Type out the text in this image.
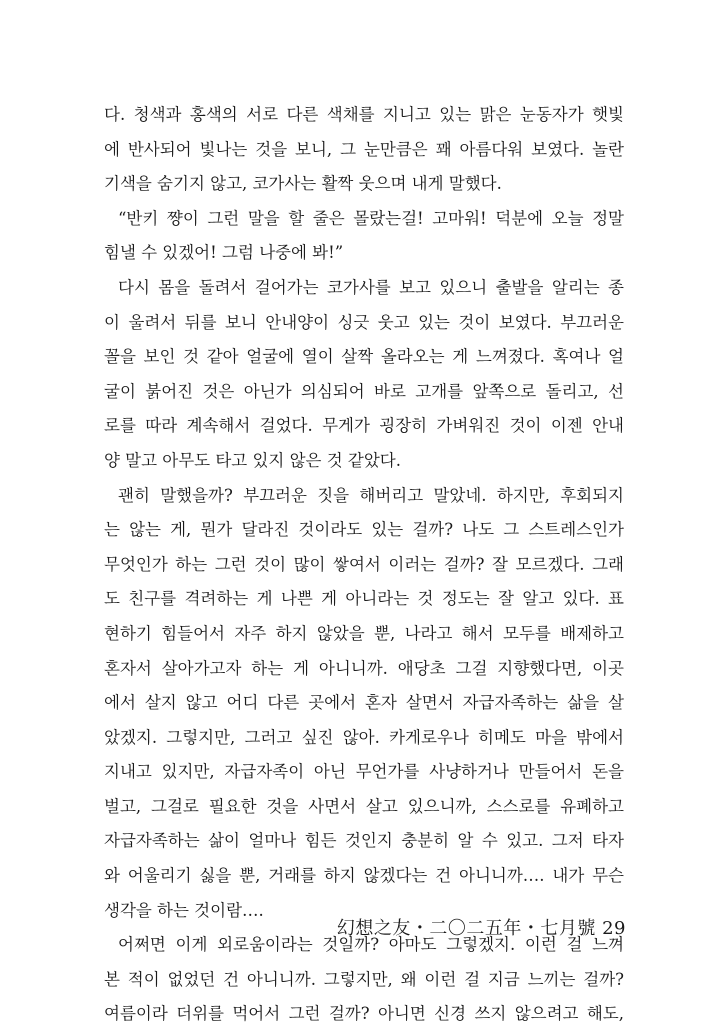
다. 청색과 홍색의 서로 다른 색채를 지니고 있는 맑은 눈동자가 햇빛
에 반사되어 빛나는 것을 보니, 그 눈만큼은 꽤 아름다워 보였다. 놀란
기색을 숨기지 않고, 코가사는 활짝 웃으며 내게 말했다.
“반키 쨩이 그런 말을 할 줄은 몰랐는걸! 고마워! 덕분에 오늘 정말
힘낼 수 있겠어! 그럼 나중에 봐!”
다시 몸을 돌려서 걸어가는 코가사를 보고 있으니 출발을 알리는 종
이 울려서 뒤를 보니 안내양이 싱긋 웃고 있는 것이 보였다. 부끄러운
꼴을 보인 것 같아 얼굴에 열이 살짝 올라오는 게 느껴졌다. 혹여나 얼
굴이 붉어진 것은 아닌가 의심되어 바로 고개를 앞쪽으로 돌리고, 선
로를 따라 계속해서 걸었다. 무게가 굉장히 가벼워진 것이 이젠 안내
양 말고 아무도 타고 있지 않은 것 같았다.
괜히 말했을까? 부끄러운 짓을 해버리고 말았네. 하지만, 후회되지
는 않는 게, 뭔가 달라진 것이라도 있는 걸까? 나도 그 스트레스인가
무엇인가 하는 그런 것이 많이 쌓여서 이러는 걸까? 잘 모르겠다. 그래
도 친구를 격려하는 게 나쁜 게 아니라는 것 정도는 잘 알고 있다. 표
현하기 힘들어서 자주 하지 않았을 뿐, 나라고 해서 모두를 배제하고
혼자서 살아가고자 하는 게 아니니까. 애당초 그걸 지향했다면, 이곳
에서 살지 않고 어디 다른 곳에서 혼자 살면서 자급자족하는 삶을 살
았겠지. 그렇지만, 그러고 싶진 않아. 카게로우나 히메도 마을 밖에서
지내고 있지만, 자급자족이 아닌 무언가를 사냥하거나 만들어서 돈을
벌고, 그걸로 필요한 것을 사면서 살고 있으니까, 스스로를 유폐하고
자급자족하는 삶이 얼마나 힘든 것인지 충분히 알 수 있고. 그저 타자
와 어울리기 싫을 뿐, 거래를 하지 않겠다는 건 아니니까…. 내가 무슨
생각을 하는 것이람….
어쩌면 이게 외로움이라는 것일까? 아마도 그렇겠지. 이런 걸 느껴
본 적이 없었던 건 아니니까. 그렇지만, 왜 이런 걸 지금 느끼는 걸까?
여름이라 더위를 먹어서 그런 걸까? 아니면 신경 쓰지 않으려고 해도,
幻想之友・二〇二五年・七月號 29
